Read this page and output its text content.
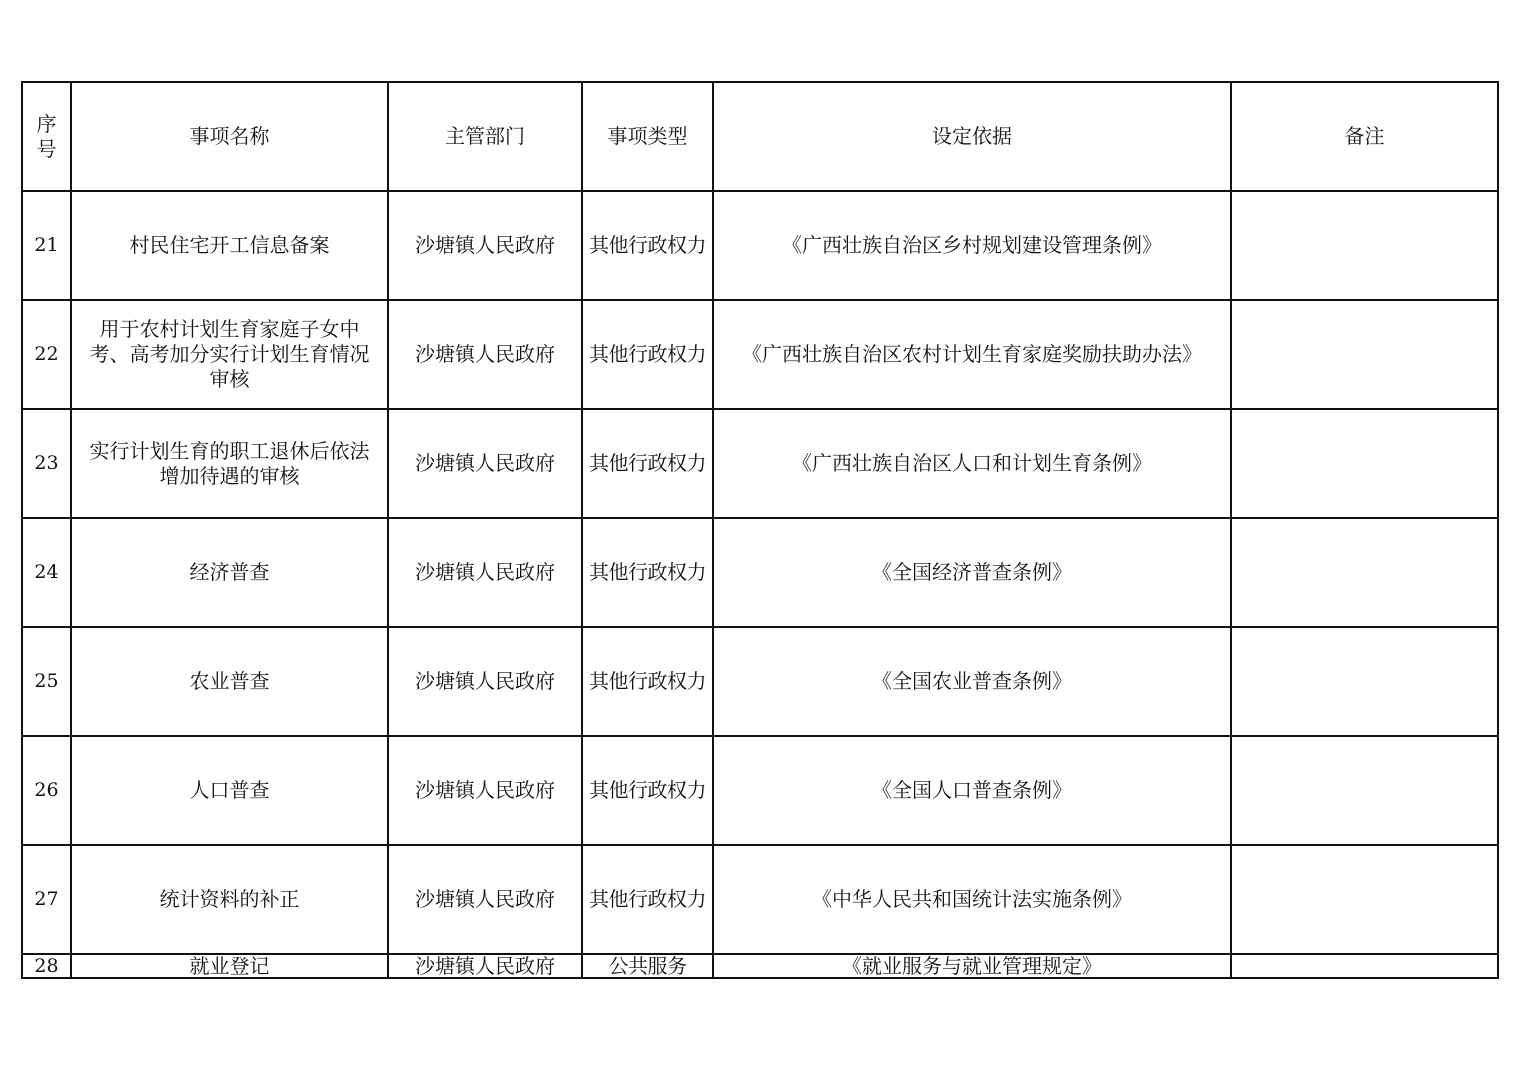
序号	事项名称	主管部门	事项类型	设定依据	备注
21	村民住宅开工信息备案	沙塘镇人民政府	其他行政权力	《广西壮族自治区乡村规划建设管理条例》	
22	用于农村计划生育家庭子女中考、高考加分实行计划生育情况审核	沙塘镇人民政府	其他行政权力	《广西壮族自治区农村计划生育家庭奖励扶助办法》	
23	实行计划生育的职工退休后依法增加待遇的审核	沙塘镇人民政府	其他行政权力	《广西壮族自治区人口和计划生育条例》	
24	经济普查	沙塘镇人民政府	其他行政权力	《全国经济普查条例》	
25	农业普查	沙塘镇人民政府	其他行政权力	《全国农业普查条例》	
26	人口普查	沙塘镇人民政府	其他行政权力	《全国人口普查条例》	
27	统计资料的补正	沙塘镇人民政府	其他行政权力	《中华人民共和国统计法实施条例》	
28	就业登记	沙塘镇人民政府	公共服务	《就业服务与就业管理规定》	
